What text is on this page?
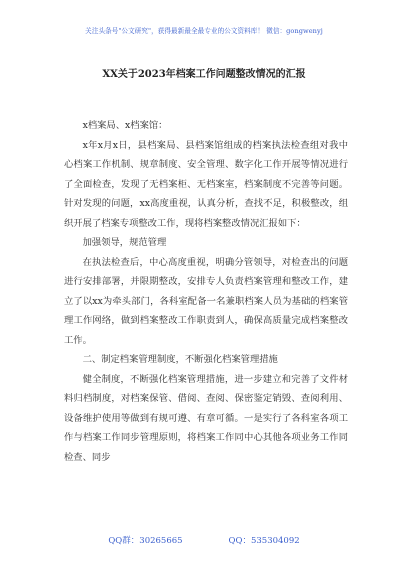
关注头条号"公文研究"，获得最新最全最专业的公文资料库！ 微信：gongwenyj
XX关于2023年档案工作问题整改情况的汇报

x档案局、x档案馆：

x年x月x日，县档案局、县档案馆组成的档案执法检查组对我中心档案工作机制、规章制度、安全管理、数字化工作开展等情况进行了全面检查，发现了无档案柜、无档案室，档案制度不完善等问题。针对发现的问题，xx高度重视，认真分析，查找不足，积极整改，组织开展了档案专项整改工作，现将档案整改情况汇报如下：

加强领导，规范管理

在执法检查后，中心高度重视，明确分管领导，对检查出的问题进行安排部署，并限期整改，安排专人负责档案管理和整改工作，建立了以xx为牵头部门，各科室配备一名兼职档案人员为基础的档案管理工作网络，做到档案整改工作职责到人，确保高质量完成档案整改工作。

二、制定档案管理制度，不断强化档案管理措施

健全制度，不断强化档案管理措施，进一步建立和完善了文件材料归档制度，对档案保管、借阅、查阅、保密鉴定销毁、查阅利用、设备维护使用等做到有规可遵、有章可循。一是实行了各科室各项工作与档案工作同步管理原则，将档案工作同中心其他各项业务工作同检查、同步

QQ群：30265665	QQ：535304092
